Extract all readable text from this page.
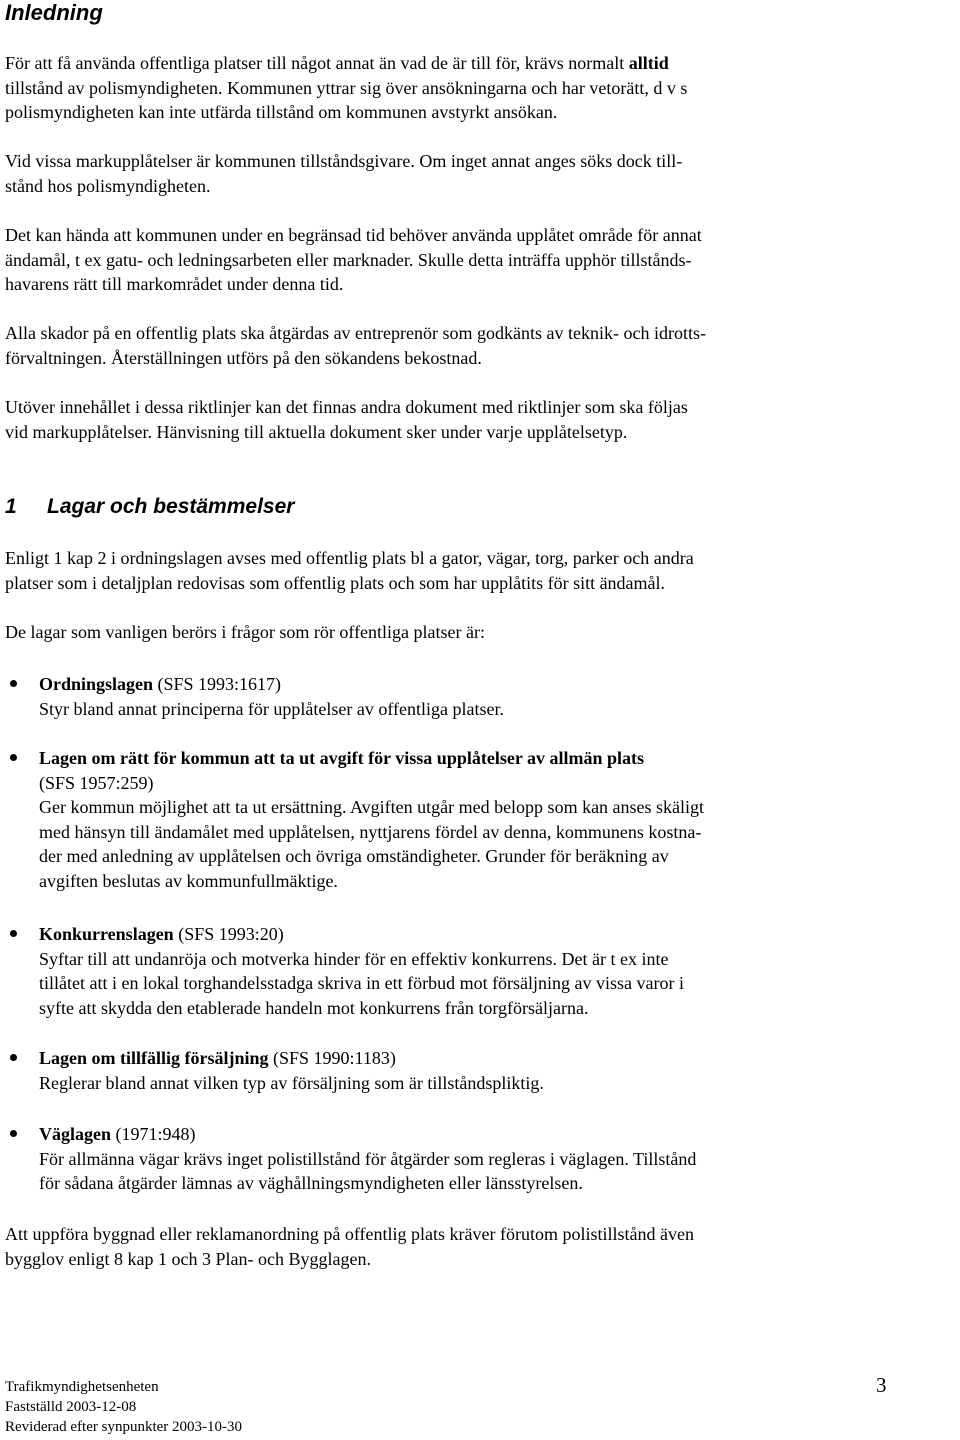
Inledning

För att få använda offentliga platser till något annat än vad de är till för, krävs normalt alltid
tillstånd av polismyndigheten. Kommunen yttrar sig över ansökningarna och har vetorätt, d v s
polismyndigheten kan inte utfärda tillstånd om kommunen avstyrkt ansökan.

Vid vissa markupplåtelser är kommunen tillståndsgivare. Om inget annat anges söks dock till-
stånd hos polismyndigheten.

Det kan hända att kommunen under en begränsad tid behöver använda upplåtet område för annat
ändamål, t ex gatu- och ledningsarbeten eller marknader. Skulle detta inträffa upphör tillstånds-
havarens rätt till markområdet under denna tid.

Alla skador på en offentlig plats ska åtgärdas av entreprenör som godkänts av teknik- och idrotts-
förvaltningen. Återställningen utförs på den sökandens bekostnad.

Utöver innehållet i dessa riktlinjer kan det finnas andra dokument med riktlinjer som ska följas
vid markupplåtelser. Hänvisning till aktuella dokument sker under varje upplåtelsetyp.

1 Lagar och bestämmelser

Enligt 1 kap 2 i ordningslagen avses med offentlig plats bl a gator, vägar, torg, parker och andra
platser som i detaljplan redovisas som offentlig plats och som har upplåtits för sitt ändamål.

De lagar som vanligen berörs i frågor som rör offentliga platser är:

Ordningslagen (SFS 1993:1617)
Styr bland annat principerna för upplåtelser av offentliga platser.
Lagen om rätt för kommun att ta ut avgift för vissa upplåtelser av allmän plats
(SFS 1957:259)
Ger kommun möjlighet att ta ut ersättning. Avgiften utgår med belopp som kan anses skäligt
med hänsyn till ändamålet med upplåtelsen, nyttjarens fördel av denna, kommunens kostna-
der med anledning av upplåtelsen och övriga omständigheter. Grunder för beräkning av
avgiften beslutas av kommunfullmäktige.
Konkurrenslagen (SFS 1993:20)
Syftar till att undanröja och motverka hinder för en effektiv konkurrens. Det är t ex inte
tillåtet att i en lokal torghandelsstadga skriva in ett förbud mot försäljning av vissa varor i
syfte att skydda den etablerade handeln mot konkurrens från torgförsäljarna.
Lagen om tillfällig försäljning (SFS 1990:1183)
Reglerar bland annat vilken typ av försäljning som är tillståndspliktig.
Väglagen (1971:948)
För allmänna vägar krävs inget polistillstånd för åtgärder som regleras i väglagen. Tillstånd
för sådana åtgärder lämnas av väghållningsmyndigheten eller länsstyrelsen.

Att uppföra byggnad eller reklamanordning på offentlig plats kräver förutom polistillstånd även
bygglov enligt 8 kap 1 och 3 Plan- och Bygglagen.

Trafikmyndighetsenheten
Fastställd 2003-12-08
Reviderad efter synpunkter 2003-10-30
3
